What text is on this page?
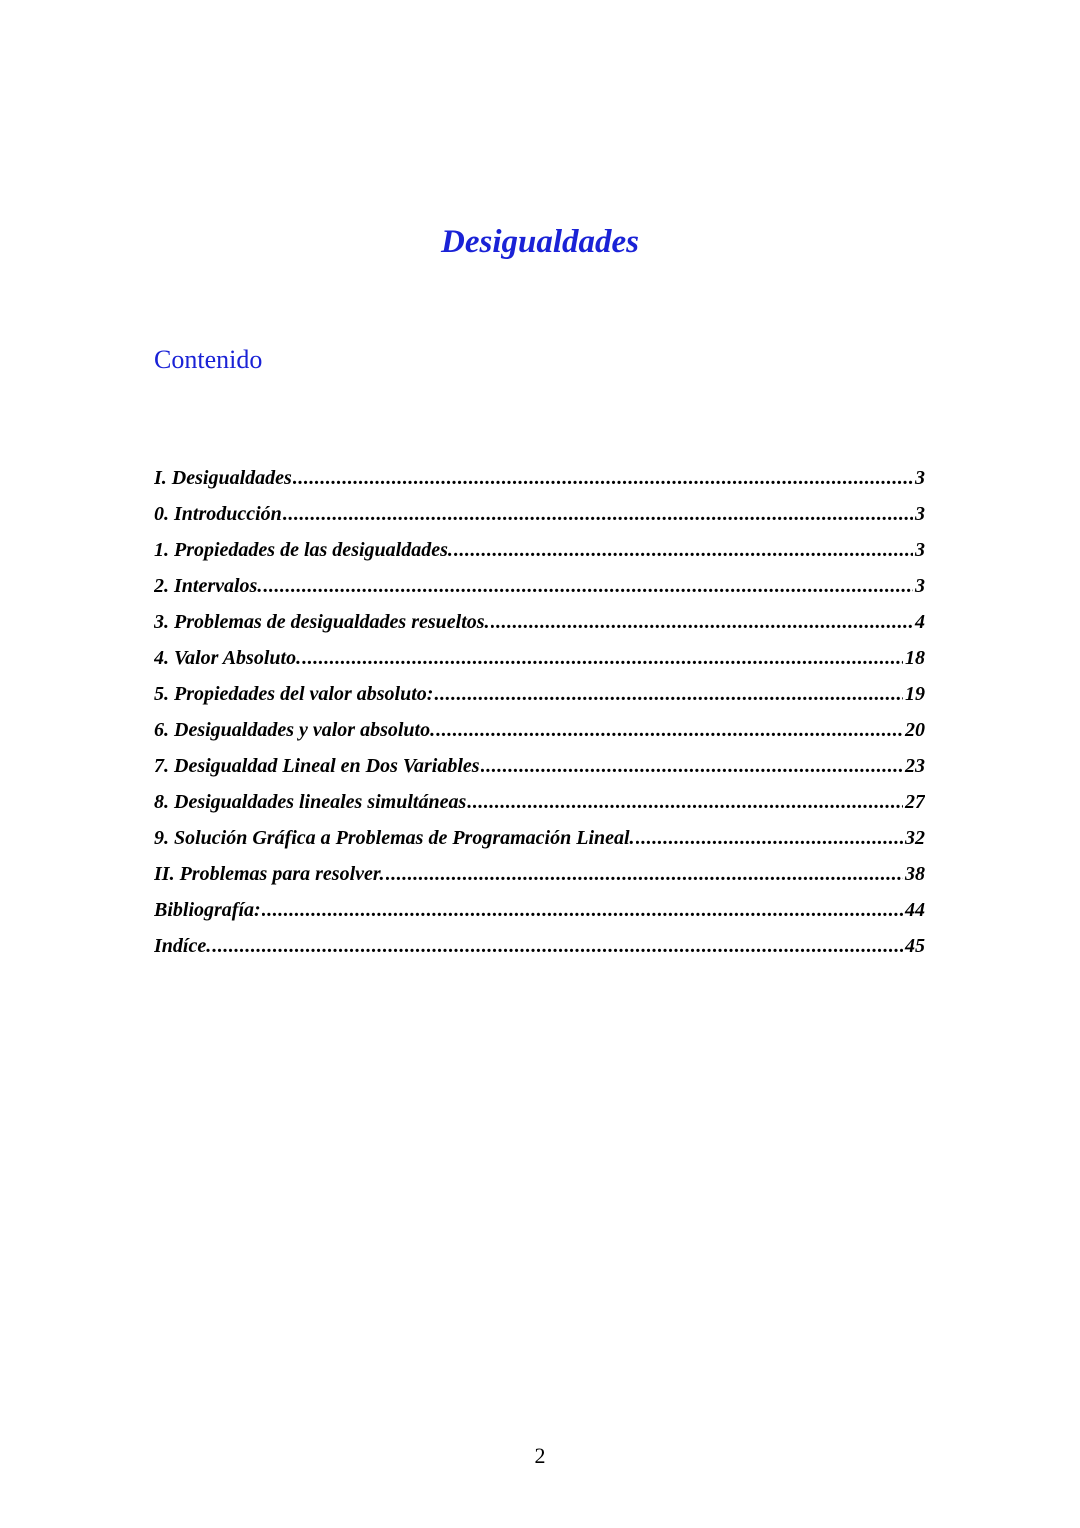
Desigualdades
Contenido
I. Desigualdades .....	3
0. Introducción .....	3
1. Propiedades de las desigualdades. .....	3
2. Intervalos. .....	3
3. Problemas de desigualdades resueltos. .....	4
4. Valor Absoluto. .....	18
5. Propiedades del valor absoluto: .....	19
6. Desigualdades y valor absoluto. .....	20
7. Desigualdad Lineal en Dos Variables .....	23
8. Desigualdades lineales simultáneas .....	27
9. Solución Gráfica a Problemas de Programación Lineal. .....	32
II. Problemas para resolver. .....	38
Bibliografía: .....	44
Indíce. .....	45
2
